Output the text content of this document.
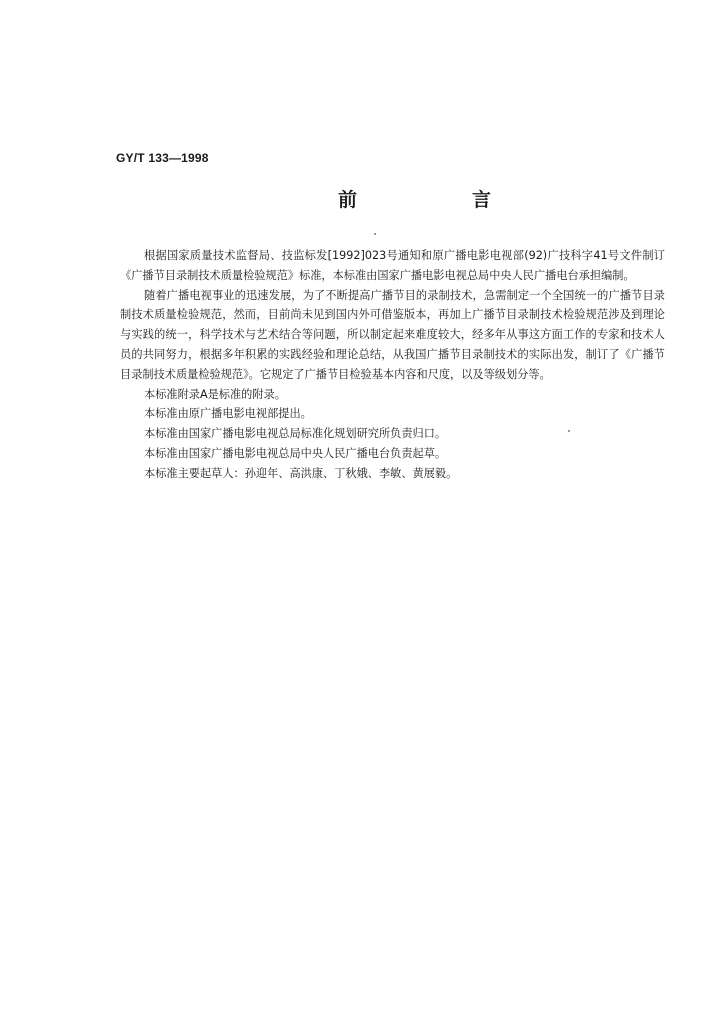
GY/T 133—1998
前　言

根据国家质量技术监督局、技监标发[1992]023号通知和原广播电影电视部(92)广技科字41号文件制订《广播节目录制技术质量检验规范》标准，本标准由国家广播电影电视总局中央人民广播电台承担编制。

随着广播电视事业的迅速发展，为了不断提高广播节目的录制技术，急需制定一个全国统一的广播节目录制技术质量检验规范，然而，目前尚未见到国内外可借鉴版本，再加上广播节目录制技术检验规范涉及到理论与实践的统一，科学技术与艺术结合等问题，所以制定起来难度较大，经多年从事这方面工作的专家和技术人员的共同努力，根据多年积累的实践经验和理论总结，从我国广播节目录制技术的实际出发，制订了《广播节目录制技术质量检验规范》。它规定了广播节目检验基本内容和尺度，以及等级划分等。

本标准附录A是标准的附录。

本标准由原广播电影电视部提出。

本标准由国家广播电影电视总局标准化规划研究所负责归口。

本标准由国家广播电影电视总局中央人民广播电台负责起草。

本标准主要起草人：孙迎年、高洪康、丁秋娥、李敏、黄展毅。
